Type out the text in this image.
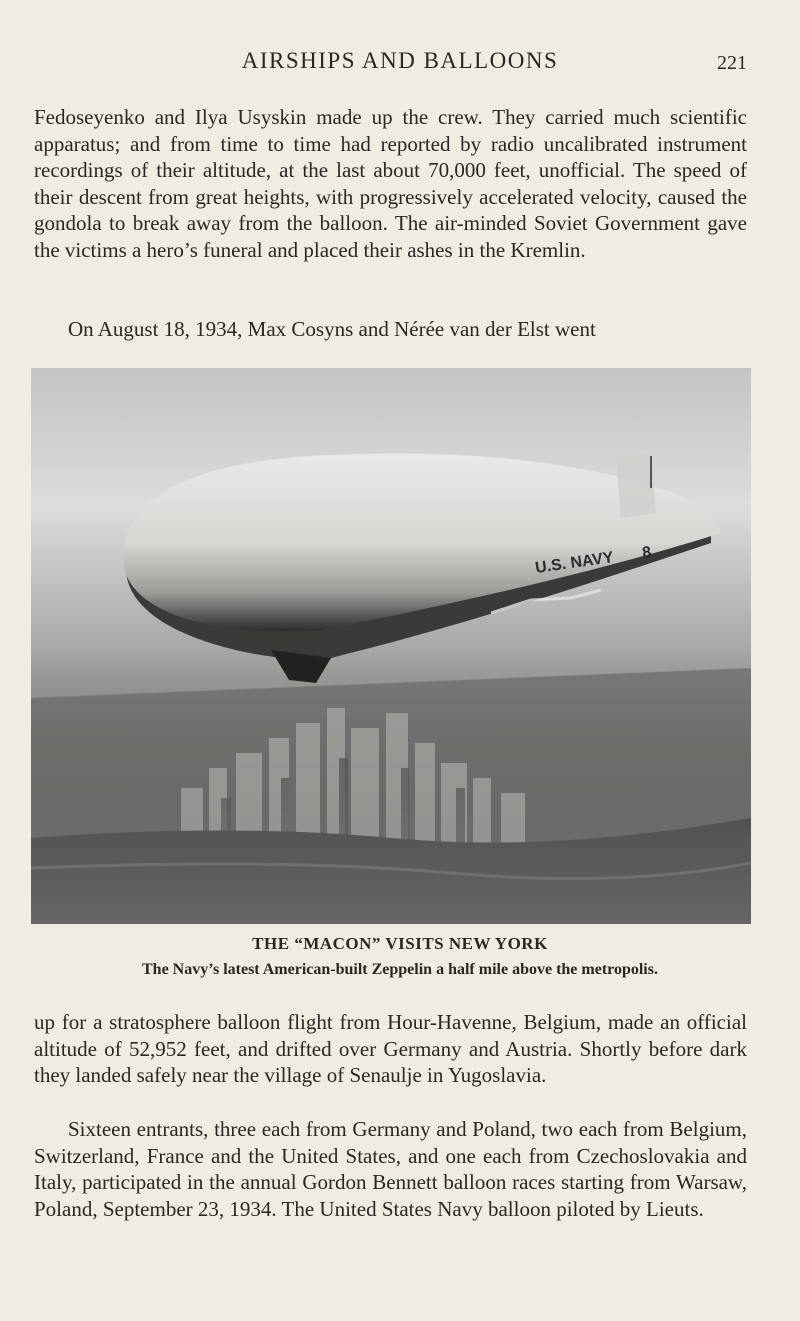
AIRSHIPS AND BALLOONS	221

Fedoseyenko and Ilya Usyskin made up the crew. They carried much scientific apparatus; and from time to time had reported by radio uncalibrated instrument recordings of their altitude, at the last about 70,000 feet, unofficial. The speed of their descent from great heights, with progressively accelerated velocity, caused the gondola to break away from the balloon. The air-minded Soviet Government gave the victims a hero’s funeral and placed their ashes in the Kremlin.

On August 18, 1934, Max Cosyns and Nérée van der Elst went

U.S. NAVY 8
THE “MACON” VISITS NEW YORK
The Navy’s latest American-built Zeppelin a half mile above the metropolis.

up for a stratosphere balloon flight from Hour-Havenne, Belgium, made an official altitude of 52,952 feet, and drifted over Germany and Austria. Shortly before dark they landed safely near the village of Senaulje in Yugoslavia.

Sixteen entrants, three each from Germany and Poland, two each from Belgium, Switzerland, France and the United States, and one each from Czechoslovakia and Italy, participated in the annual Gordon Bennett balloon races starting from Warsaw, Poland, September 23, 1934. The United States Navy balloon piloted by Lieuts.
